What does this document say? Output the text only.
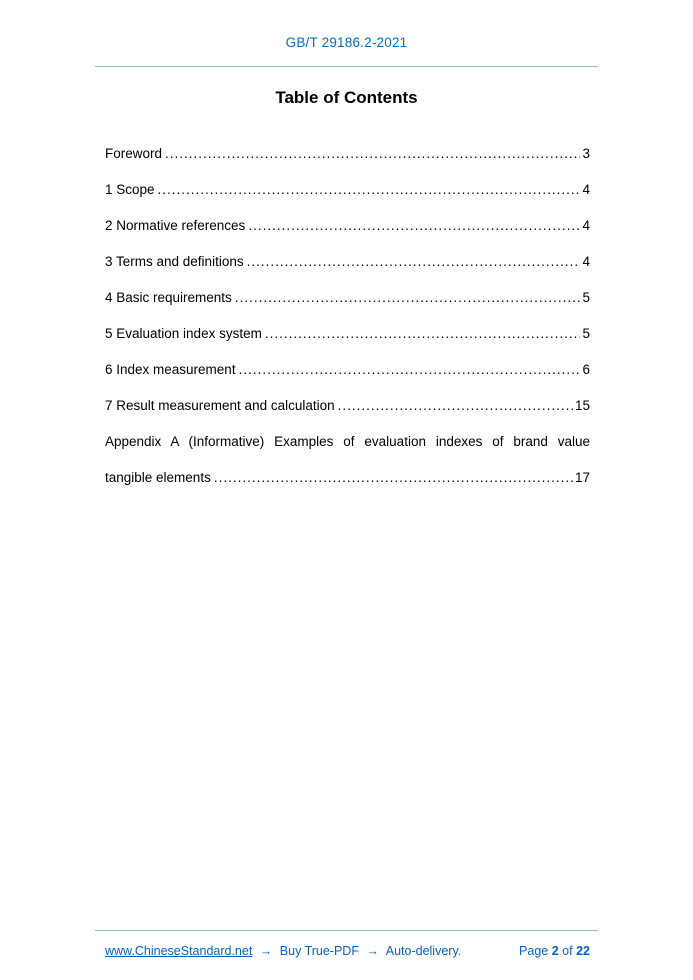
GB/T 29186.2-2021
Table of Contents
Foreword .....	3
1 Scope .....	4
2 Normative references .....	4
3 Terms and definitions .....	4
4 Basic requirements .....	5
5 Evaluation index system .....	5
6 Index measurement .....	6
7 Result measurement and calculation .....	15
Appendix A (Informative) Examples of evaluation indexes of brand value
tangible elements .....	17
www.ChineseStandard.net → Buy True-PDF → Auto-delivery.	Page 2 of 22
